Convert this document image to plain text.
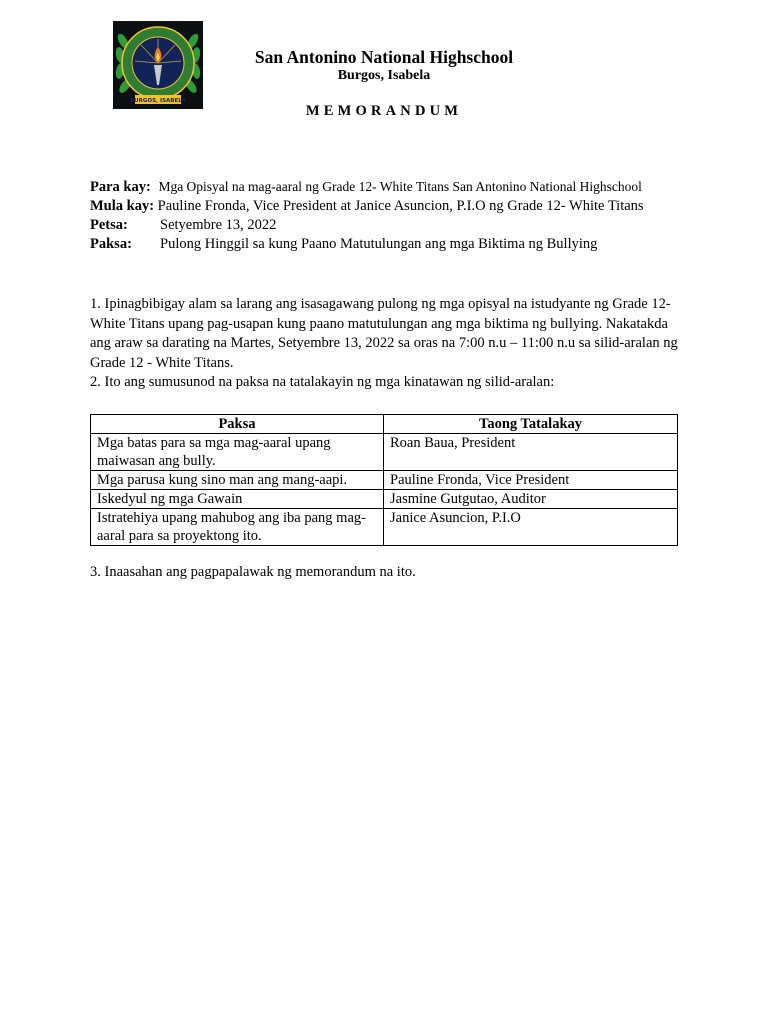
BURGOS, ISABELA
San Antonino National Highschool
Burgos, Isabela
MEMORANDUM
Para kay: Mga Opisyal na mag-aaral ng Grade 12- White Titans San Antonino National Highschool
Mula kay: Pauline Fronda, Vice President at Janice Asuncion, P.I.O ng Grade 12- White Titans
Petsa: Setyembre 13, 2022
Paksa: Pulong Hinggil sa kung Paano Matutulungan ang mga Biktima ng Bullying
1. Ipinagbibigay alam sa larang ang isasagawang pulong ng mga opisyal na istudyante ng Grade 12-White Titans upang pag-usapan kung paano matutulungan ang mga biktima ng bullying. Nakatakda ang araw sa darating na Martes, Setyembre 13, 2022 sa oras na 7:00 n.u – 11:00 n.u sa silid-aralan ng Grade 12 - White Titans.
2. Ito ang sumusunod na paksa na tatalakayin ng mga kinatawan ng silid-aralan:
Paksa	Taong Tatalakay
Mga batas para sa mga mag-aaral upang maiwasan ang bully.	Roan Baua, President
Mga parusa kung sino man ang mang-aapi.	Pauline Fronda, Vice President
Iskedyul ng mga Gawain	Jasmine Gutgutao, Auditor
Istratehiya upang mahubog ang iba pang mag-aaral para sa proyektong ito.	Janice Asuncion, P.I.O
3. Inaasahan ang pagpapalawak ng memorandum na ito.
